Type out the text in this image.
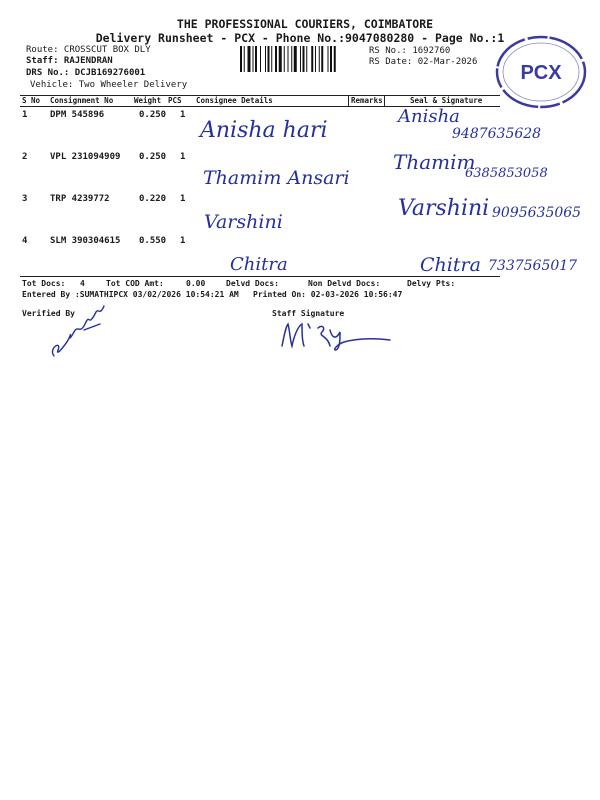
THE PROFESSIONAL COURIERS, COIMBATORE
Delivery Runsheet - PCX - Phone No.:9047080280 - Page No.:1
Route: CROSSCUT BOX DLY
Staff: RAJENDRAN
DRS No.: DCJB169276001
Vehicle: Two Wheeler Delivery
RS No.: 1692760
RS Date: 02-Mar-2026 PCX
S No Consignment No	Weight PCS Consignee Details	Remarks	Seal & Signature
1	DPM 545896	0.250 1
Anisha hari
Anisha
9487635628
2	VPL 231094909 0.250 1
Thamim Ansari
Thamim
6385853058
3	TRP 4239772	0.220 1
Varshini
Varshini 9095635065
4	SLM 390304615 0.550 1
Chitra	Chitra 7337565017
Tot Docs: 4	Tot COD Amt:	0.00	Delvd Docs:	Non Delvd Docs:	Delvy Pts:
Entered By :SUMATHIPCX 03/02/2026 10:54:21 AM Printed On: 02-03-2026 10:56:47
Verified By	Staff Signature
